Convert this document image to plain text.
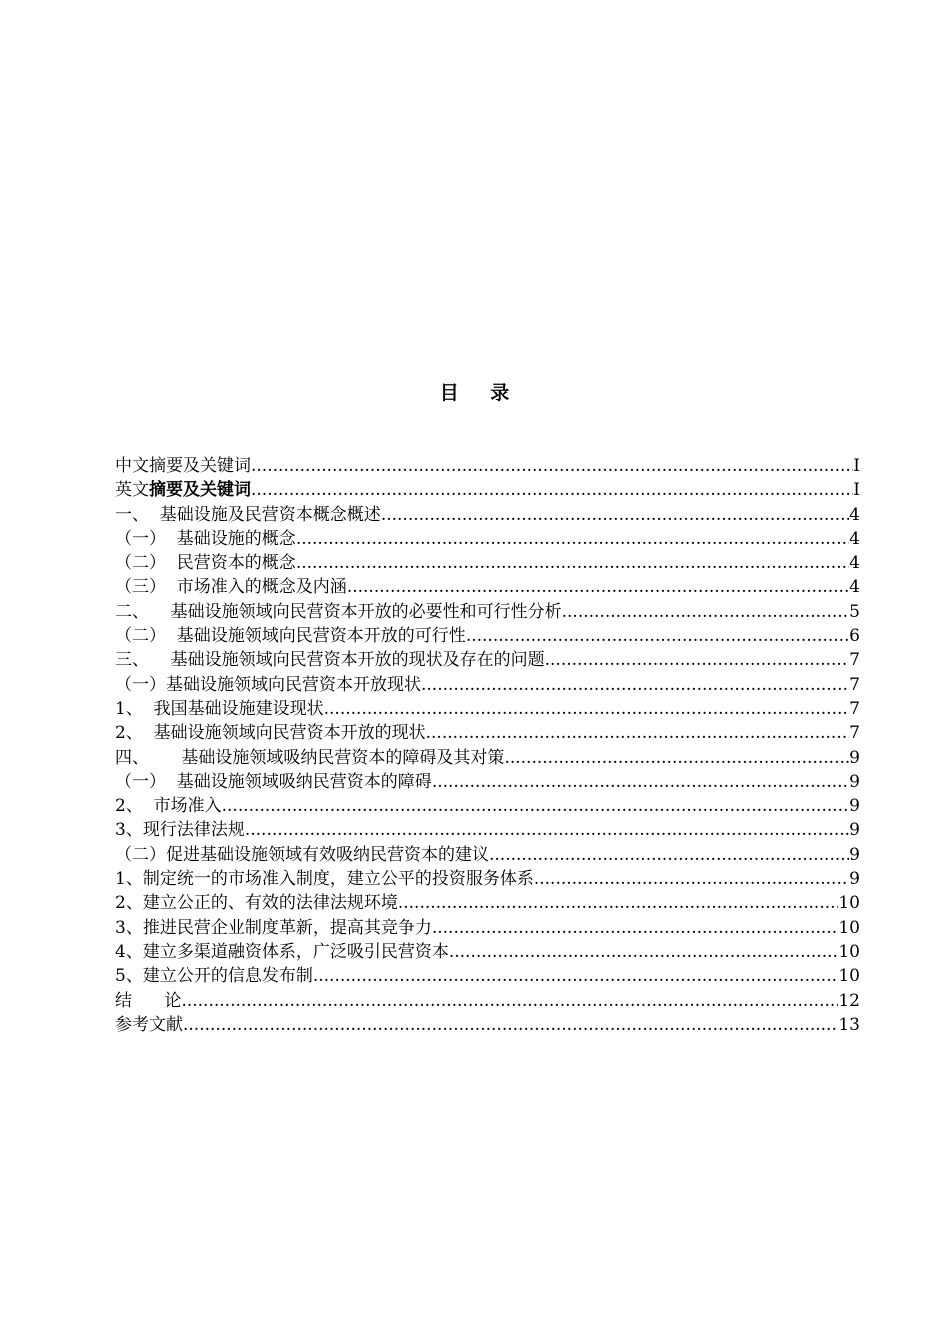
目    录
中文摘要及关键词 .....	I
英文摘要及关键词 .....	I
一、  基础设施及民营资本概念概述 .....	4
（一）  基础设施的概念 .....	4
（二）  民营资本的概念 .....	4
（三）  市场准入的概念及内涵 .....	4
二、    基础设施领域向民营资本开放的必要性和可行性分析 .....	5
（二）  基础设施领域向民营资本开放的可行性 .....	6
三、    基础设施领域向民营资本开放的现状及存在的问题 .....	7
（一）基础设施领域向民营资本开放现状 .....	7
1、  我国基础设施建设现状 .....	7
2、  基础设施领域向民营资本开放的现状 .....	7
四、      基础设施领域吸纳民营资本的障碍及其对策 .....	9
（一）  基础设施领域吸纳民营资本的障碍 .....	9
2、  市场准入 .....	9
3、现行法律法规 .....	9
（二）促进基础设施领域有效吸纳民营资本的建议 .....	9
1、制定统一的市场准入制度，建立公平的投资服务体系 .....	9
2、建立公正的、有效的法律法规环境 .....	10
3、推进民营企业制度革新，提高其竞争力 .....	10
4、建立多渠道融资体系，广泛吸引民营资本 .....	10
5、建立公开的信息发布制 .....	10
结      论 .....	12
参考文献 .....	13
